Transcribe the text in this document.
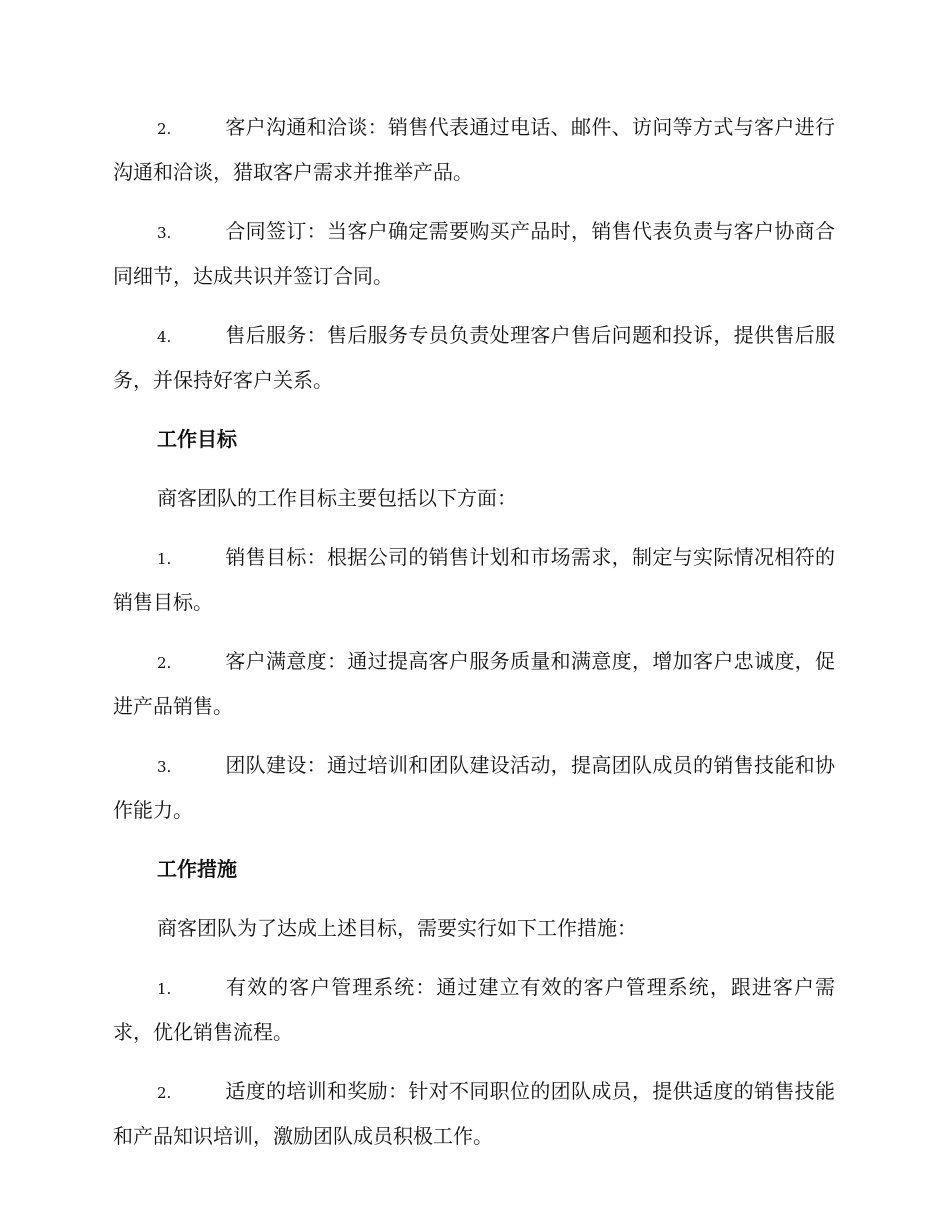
2.	客户沟通和洽谈：销售代表通过电话、邮件、访问等方式与客户进行沟通和洽谈，猎取客户需求并推举产品。

3.	合同签订：当客户确定需要购买产品时，销售代表负责与客户协商合同细节，达成共识并签订合同。

4.	售后服务：售后服务专员负责处理客户售后问题和投诉，提供售后服务，并保持好客户关系。

工作目标

商客团队的工作目标主要包括以下方面：

1.	销售目标：根据公司的销售计划和市场需求，制定与实际情况相符的销售目标。

2.	客户满意度：通过提高客户服务质量和满意度，增加客户忠诚度，促进产品销售。

3.	团队建设：通过培训和团队建设活动，提高团队成员的销售技能和协作能力。

工作措施

商客团队为了达成上述目标，需要实行如下工作措施：

1.	有效的客户管理系统：通过建立有效的客户管理系统，跟进客户需求，优化销售流程。

2.	适度的培训和奖励：针对不同职位的团队成员，提供适度的销售技能和产品知识培训，激励团队成员积极工作。
